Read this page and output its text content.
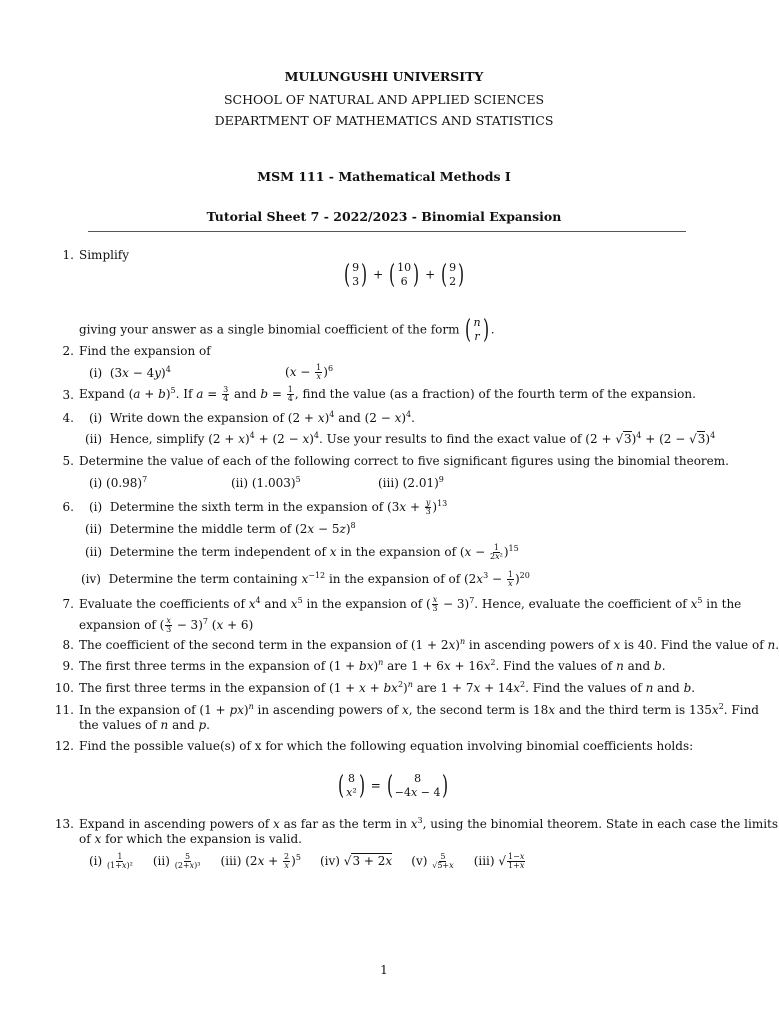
MULUNGUSHI UNIVERSITY
SCHOOL OF NATURAL AND APPLIED SCIENCES
DEPARTMENT OF MATHEMATICS AND STATISTICS
MSM 111 - Mathematical Methods I
Tutorial Sheet 7 - 2022/2023 - Binomial Expansion
1. Simplify
( 9
3 ) + ( 10
6 ) + ( 9
2 )
giving your answer as a single binomial coefficient of the form ( n
r ) .
2. Find the expansion of
(i)  $(3x - 4y)^4$	$(x - \frac{1}{x} )^6$
3. Expand $(a + b)^5$. If $a = \frac{3}{4}$ and $b = \frac{1}{4}$ , find the value (as a fraction) of the fourth term of the expansion.
4. (i)  Write down the expansion of $(2 + x)^4$ and $(2 - x)^4$.
(ii)  Hence, simplify $(2 + x)^4 + (2 - x)^4$. Use your results to find the exact value of (2 + √ 3)$^4$ + (2 − √ 3)$^4$
5. Determine the value of each of the following correct to five significant figures using the binomial theorem.
(i) $(0.98)^7$	(ii) $(1.003)^5$	(iii) $(2.01)^9$
6. (i)  Determine the sixth term in the expansion of $(3x + \frac{y}{3} )^{13}$
(ii)  Determine the middle term of $(2x - 5z)^8$
(ii)  Determine the term independent of x in the expansion of $(x - \frac{1}{\text{2x²}} )^{15}$
(iv)  Determine the term containing $x^{-12}$ in the expansion of of $(2x^3 - \frac{1}{x} )^{20}$
7. Evaluate the coefficients of $x^4$ and $x^5$ in the expansion of ( $\frac{x}{3} - 3)^7$. Hence, evaluate the coefficient of $x^5$ in the
expansion of ( $\frac{x}{3} - 3)^7$ (x + 6)
8. The coefficient of the second term in the expansion of $(1 + 2x)^n$ in ascending powers of x is 40. Find the value of n.
9. The first three terms in the expansion of (1 + bx)$^n$ are $1 + 6x + 16x^2$. Find the values of n and b.
10. The first three terms in the expansion of $(1 + x + bx^2)^n$ are $1 + 7x + 14x^2$. Find the values of n and b.
11. In the expansion of (1 + px)$^n$ in ascending powers of x, the second term is 18x and the third term is $135x^2$. Find
the values of n and p.
12. Find the possible value(s) of x for which the following equation involving binomial coefficients holds:
( 8
x² ) = ( 8
−4x − 4 )
13. Expand in ascending powers of x as far as the term in $x^3$, using the binomial theorem. State in each case the limits
of x for which the expansion is valid.
$(i) \frac{1}{\text{(1+x)²}} (ii) \frac{5}{\text{(2+x)³}} (iii) (2x + \frac{2}{x} )^5$     (iv) √ 3 + 2x     $(v) \frac{5}{√5+x} (iii)$ √ $\frac{1-x}{1+x}$
1
